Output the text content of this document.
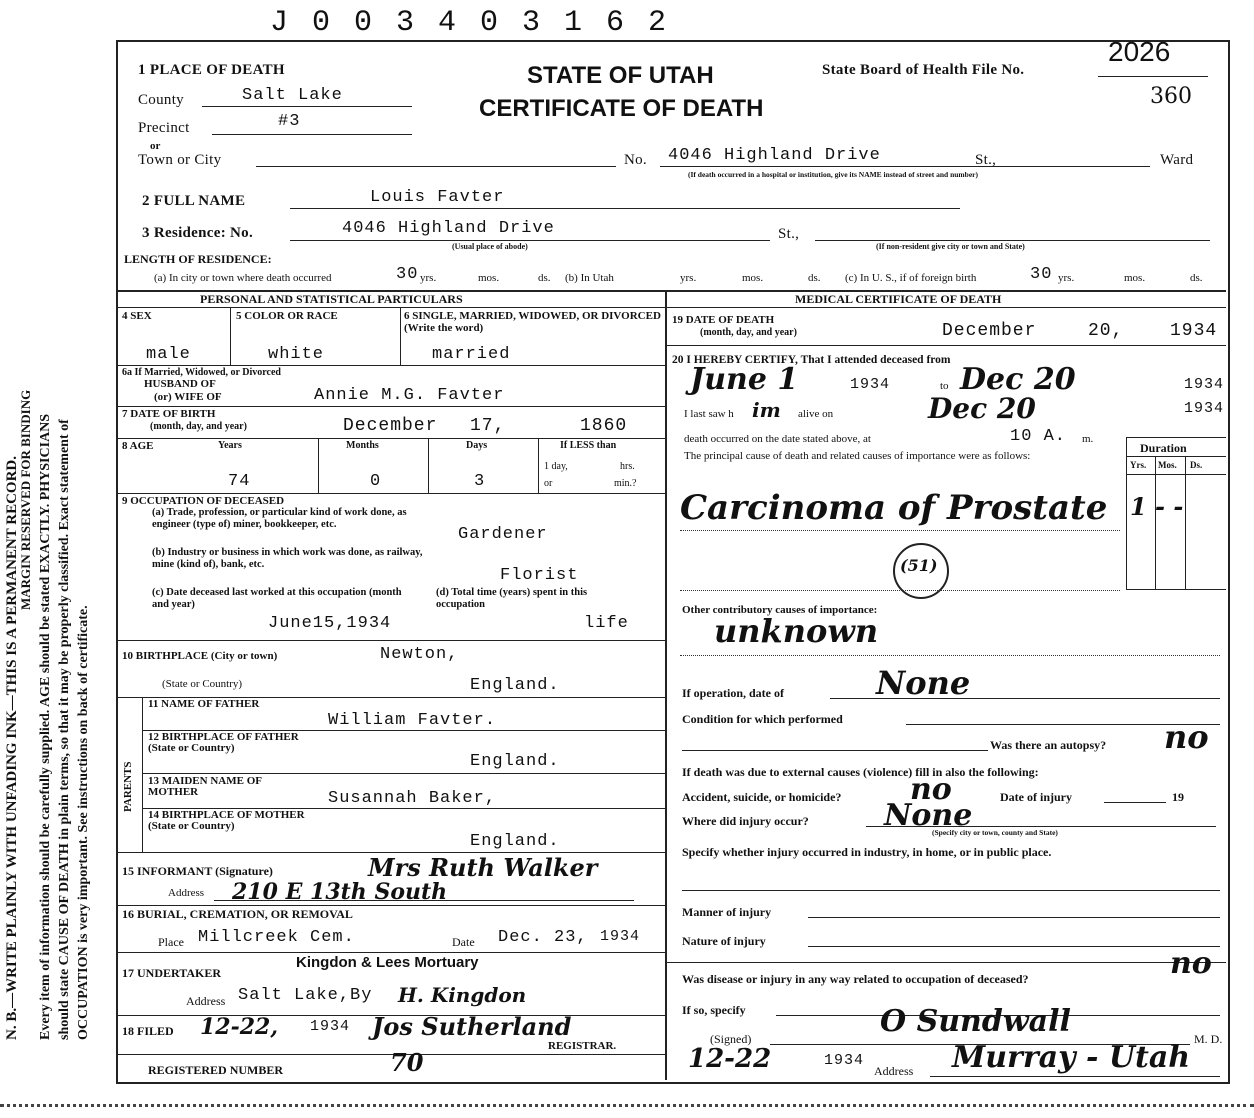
N. B.—WRITE PLAINLY WITH UNFADING INK—THIS IS A PERMANENT RECORD. Every item of information should be carefully supplied. AGE should be stated EXACTLY. PHYSICIANS should state CAUSE OF DEATH in plain terms, so that it may be properly classified. Exact statement of OCCUPATION is very important. See instructions on back of certificate.
MARGIN RESERVED FOR BINDING
J 0 0 3 4 0 3 1 6 2
STATE OF UTAH
CERTIFICATE OF DEATH
State Board of Health File No.
2026
360
1 PLACE OF DEATH
County	Salt Lake
Precinct	#3
or
Town or City	No. 4046 Highland Drive	St.,	Ward
(If death occurred in a hospital or institution, give its NAME instead of street and number)
2 FULL NAME	Louis Favter
3 Residence: No.	4046 Highland Drive	St.,
(Usual place of abode)	(If non-resident give city or town and State)
LENGTH OF RESIDENCE:
(a) In city or town where death occurred	30 yrs.	mos.	ds. (b) In Utah	yrs.	mos.	ds. (c) In U. S., if of foreign birth	30 yrs.	mos.	ds.
PERSONAL AND STATISTICAL PARTICULARS	MEDICAL CERTIFICATE OF DEATH
4 SEX	5 COLOR OR RACE	6 SINGLE, MARRIED, WIDOWED, OR DIVORCED (Write the word)
male	white	married
6a If Married, Widowed, or Divorced
HUSBAND OF
(or) WIFE OF	Annie M.G. Favter
7 DATE OF BIRTH
(month, day, and year)	December 17,	1860
8 AGE	Years	Months	Days	If LESS than
1 day,	hrs.
or	min.?
74	0	3
9 OCCUPATION OF DECEASED
(a) Trade, profession, or particular kind of work done, as engineer (type of) miner, bookkeeper, etc.
Gardener
(b) Industry or business in which work was done, as railway, mine (kind of), bank, etc.
Florist
(c) Date deceased last worked at this occupation (month and year)
June15,1934
(d) Total time (years) spent in this occupation
life
10 BIRTHPLACE (City or town)	Newton,
(State or Country)	England.
PARENTS
11 NAME OF FATHER
William Favter.
12 BIRTHPLACE OF FATHER (State or Country)
England.
13 MAIDEN NAME OF MOTHER	Susannah Baker,
14 BIRTHPLACE OF MOTHER (State or Country)
England.
15 INFORMANT (Signature)	Mrs Ruth Walker
Address 210 E 13th South
16 BURIAL, CREMATION, OR REMOVAL
Place Millcreek Cem.	Date Dec. 23, 1934
17 UNDERTAKER
Kingdon & Lees Mortuary
Address Salt Lake,By H. Kingdon
18 FILED 12-22, 1934 Jos Sutherland
REGISTRAR.
REGISTERED NUMBER	70
19 DATE OF DEATH
(month, day, and year)	December	20,	1934
20 I HEREBY CERTIFY, That I attended deceased from
June 1	1934	to Dec 20	1934
I last saw h im alive on	Dec 20	1934
death occurred on the date stated above, at	10 A. m.
The principal cause of death and related causes of importance were as follows:
Duration
Yrs. Mos. Ds.
Carcinoma of Prostate 1 - -
(51)
Other contributory causes of importance:
unknown
If operation, date of	None
Condition for which performed
Was there an autopsy? no
If death was due to external causes (violence) fill in also the following:
Accident, suicide, or homicide? no	Date of injury	19
Where did injury occur?	None
(Specify city or town, county and State)
Specify whether injury occurred in industry, in home, or in public place.
Manner of injury
Nature of injury
Was disease or injury in any way related to occupation of deceased?	no
If so, specify
(Signed)	O Sundwall	M. D.
12-22	1934
Address Murray - Utah
